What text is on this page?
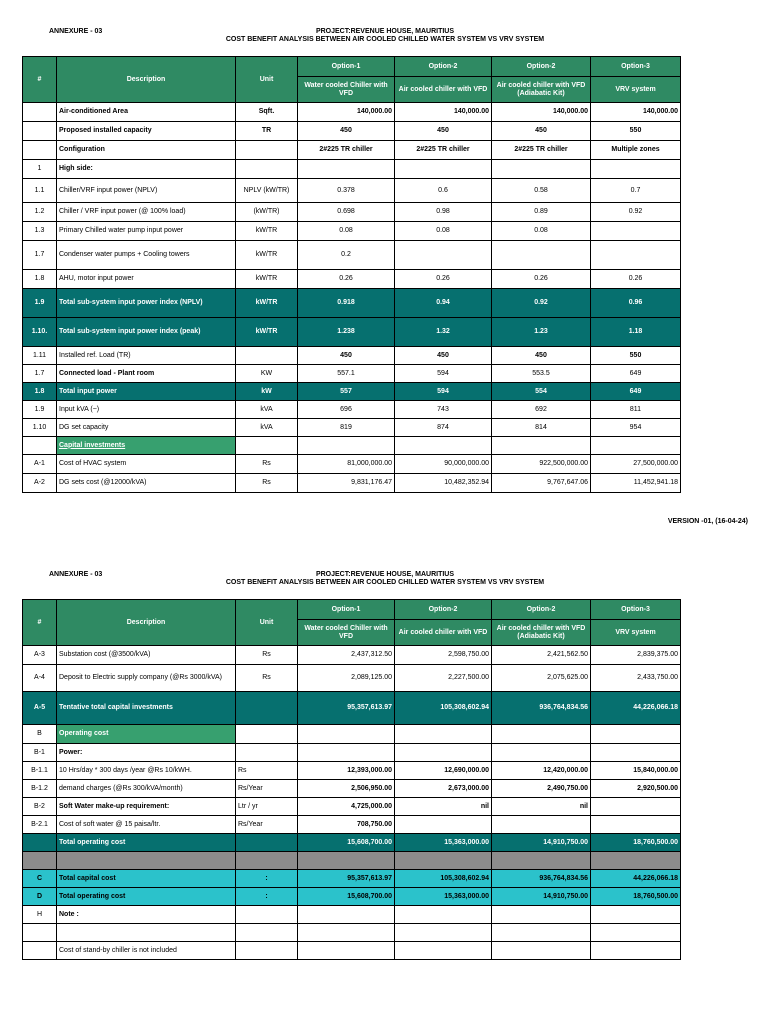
ANNEXURE - 03	PROJECT:REVENUE HOUSE, MAURITIUS
COST BENEFIT ANALYSIS BETWEEN AIR COOLED CHILLED WATER SYSTEM VS VRV SYSTEM
#	Description	Unit	Option-1	Option-2	Option-2	Option-3
			Water cooled Chiller with VFD	Air cooled chiller with VFD	Air cooled chiller with VFD (Adiabatic Kit)	VRV system
	Air-conditioned Area	Sqft.	140,000.00	140,000.00	140,000.00	140,000.00
	Proposed installed capacity	TR	450	450	450	550
	Configuration		2#225 TR chiller	2#225 TR chiller	2#225 TR chiller	Multiple zones
1	High side:					
1.1	Chiller/VRF input power (NPLV)	NPLV (kW/TR)	0.378	0.6	0.58	0.7
1.2	Chiller / VRF input power (@ 100% load)	(kW/TR)	0.698	0.98	0.89	0.92
1.3	Primary Chilled water pump input power	kW/TR	0.08	0.08	0.08	
1.7	Condenser water pumps + Cooling towers	kW/TR	0.2			
1.8	AHU, motor input power	kW/TR	0.26	0.26	0.26	0.26
1.9	Total sub-system input power index (NPLV)	kW/TR	0.918	0.94	0.92	0.96
1.10.	Total sub-system input power index (peak)	kW/TR	1.238	1.32	1.23	1.18
1.11	Installed ref. Load (TR)		450	450	450	550
1.7	Connected load - Plant room	KW	557.1	594	553.5	649
1.8	Total input power	kW	557	594	554	649
1.9	Input kVA (~)	kVA	696	743	692	811
1.10	DG set capacity	kVA	819	874	814	954
	Capital investments					
A-1	Cost of HVAC system	Rs	81,000,000.00	90,000,000.00	922,500,000.00	27,500,000.00
A-2	DG sets cost (@12000/kVA)	Rs	9,831,176.47	10,482,352.94	9,767,647.06	11,452,941.18
VERSION -01, (16-04-24)
ANNEXURE - 03	PROJECT:REVENUE HOUSE, MAURITIUS
COST BENEFIT ANALYSIS BETWEEN AIR COOLED CHILLED WATER SYSTEM VS VRV SYSTEM
#	Description	Unit	Option-1	Option-2	Option-2	Option-3
			Water cooled Chiller with VFD	Air cooled chiller with VFD	Air cooled chiller with VFD (Adiabatic Kit)	VRV system
A-3	Substation cost (@3500/kVA)	Rs	2,437,312.50	2,598,750.00	2,421,562.50	2,839,375.00
A-4	Deposit to Electric supply company (@Rs 3000/kVA)	Rs	2,089,125.00	2,227,500.00	2,075,625.00	2,433,750.00
A-5	Tentative total capital investments		95,357,613.97	105,308,602.94	936,764,834.56	44,226,066.18
B	Operating cost					
B-1	Power:					
B-1.1	10 Hrs/day * 300 days /year @Rs 10/kWH.	Rs	12,393,000.00	12,690,000.00	12,420,000.00	15,840,000.00
B-1.2	demand charges (@Rs 300/kVA/month)	Rs/Year	2,506,950.00	2,673,000.00	2,490,750.00	2,920,500.00
B-2	Soft Water make-up requirement:	Ltr / yr	4,725,000.00	nil	nil	
B-2.1	Cost of soft water @ 15 paisa/ltr.	Rs/Year	708,750.00			
	Total operating cost		15,608,700.00	15,363,000.00	14,910,750.00	18,760,500.00

C	Total capital cost	:	95,357,613.97	105,308,602.94	936,764,834.56	44,226,066.18
D	Total operating cost	:	15,608,700.00	15,363,000.00	14,910,750.00	18,760,500.00
H	Note :					

	Cost of stand-by chiller is not included					
